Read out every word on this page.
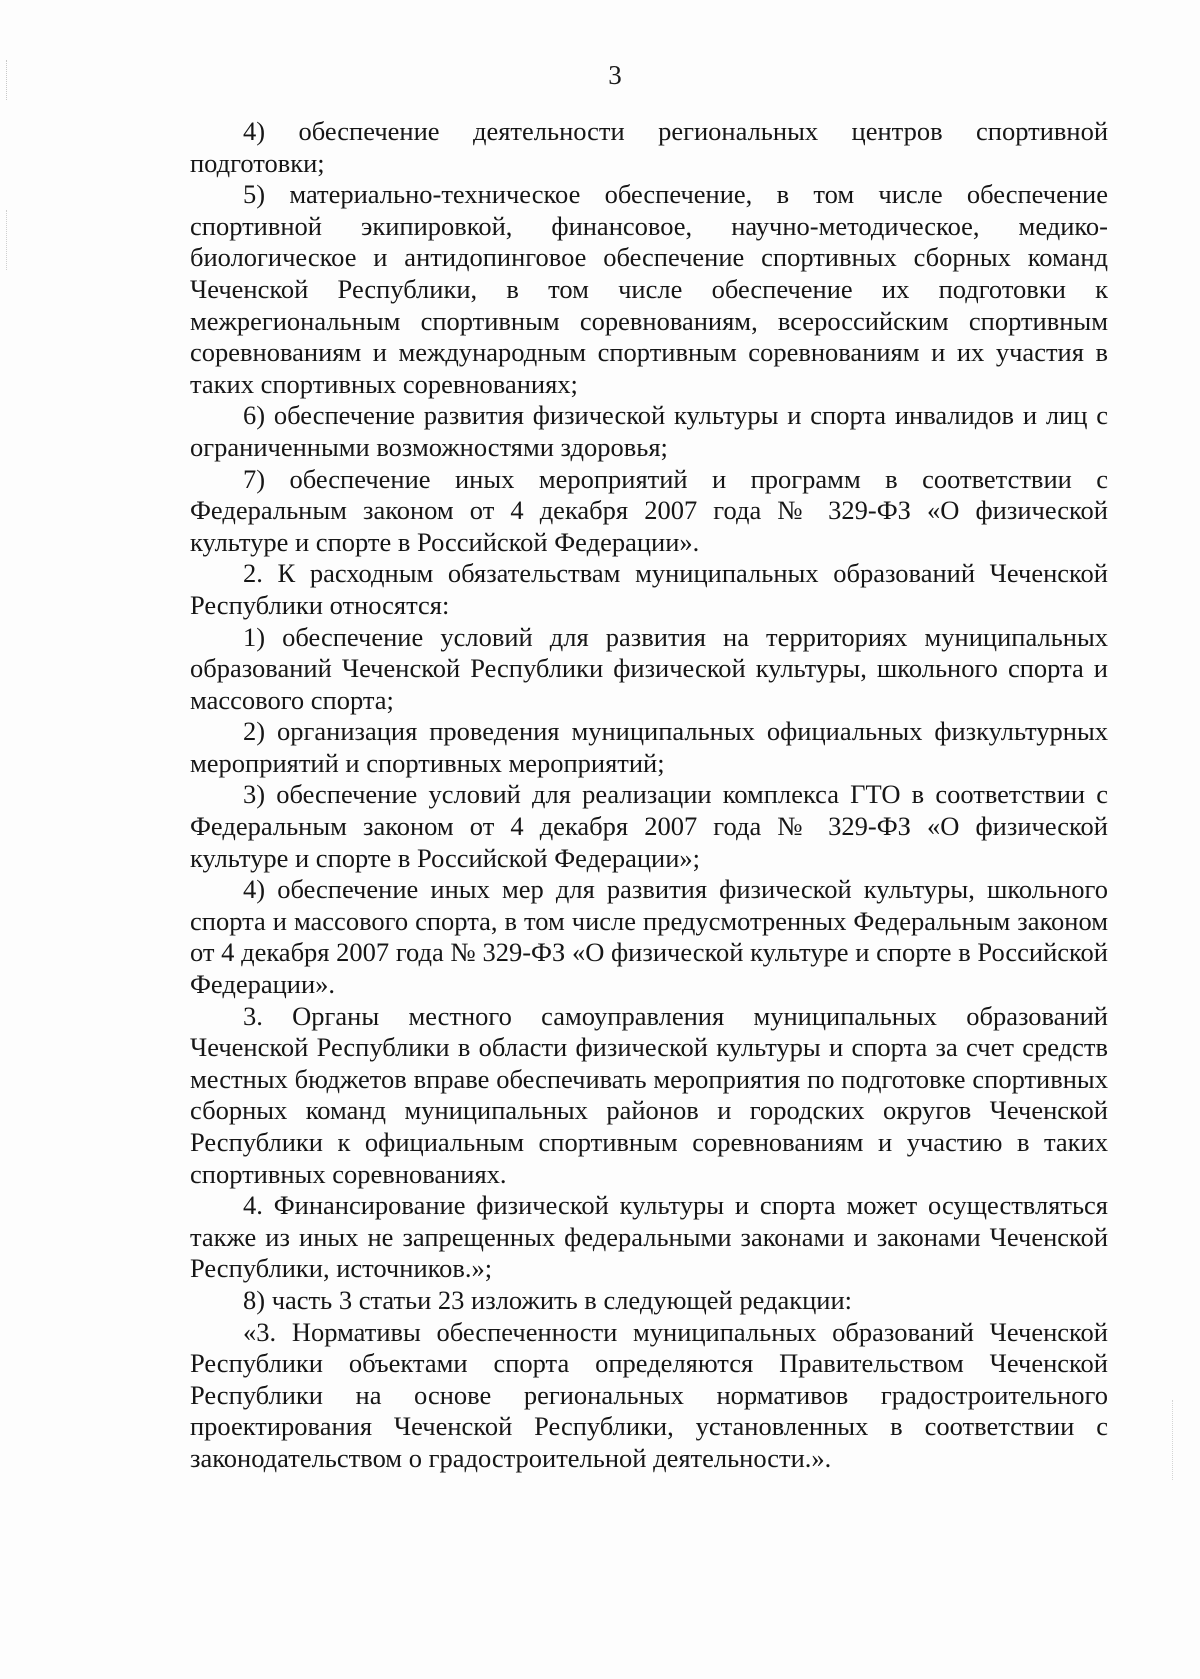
3

4) обеспечение деятельности региональных центров спортивной подготовки;

5) материально-техническое обеспечение, в том числе обеспечение спортивной экипировкой, финансовое, научно-методическое, медико-биологическое и антидопинговое обеспечение спортивных сборных команд Чеченской Республики, в том числе обеспечение их подготовки к межрегиональным спортивным соревнованиям, всероссийским спортивным соревнованиям и международным спортивным соревнованиям и их участия в таких спортивных соревнованиях;

6) обеспечение развития физической культуры и спорта инвалидов и лиц с ограниченными возможностями здоровья;

7) обеспечение иных мероприятий и программ в соответствии с Федеральным законом от 4 декабря 2007 года № 329-ФЗ «О физической культуре и спорте в Российской Федерации».

2. К расходным обязательствам муниципальных образований Чеченской Республики относятся:

1) обеспечение условий для развития на территориях муниципальных образований Чеченской Республики физической культуры, школьного спорта и массового спорта;

2) организация проведения муниципальных официальных физкультурных мероприятий и спортивных мероприятий;

3) обеспечение условий для реализации комплекса ГТО в соответствии с Федеральным законом от 4 декабря 2007 года № 329-ФЗ «О физической культуре и спорте в Российской Федерации»;

4) обеспечение иных мер для развития физической культуры, школьного спорта и массового спорта, в том числе предусмотренных Федеральным законом от 4 декабря 2007 года № 329-ФЗ «О физической культуре и спорте в Российской Федерации».

3. Органы местного самоуправления муниципальных образований Чеченской Республики в области физической культуры и спорта за счет средств местных бюджетов вправе обеспечивать мероприятия по подготовке спортивных сборных команд муниципальных районов и городских округов Чеченской Республики к официальным спортивным соревнованиям и участию в таких спортивных соревнованиях.

4. Финансирование физической культуры и спорта может осуществляться также из иных не запрещенных федеральными законами и законами Чеченской Республики, источников.»;

8) часть 3 статьи 23 изложить в следующей редакции:

«3. Нормативы обеспеченности муниципальных образований Чеченской Республики объектами спорта определяются Правительством Чеченской Республики на основе региональных нормативов градостроительного проектирования Чеченской Республики, установленных в соответствии с законодательством о градостроительной деятельности.».
